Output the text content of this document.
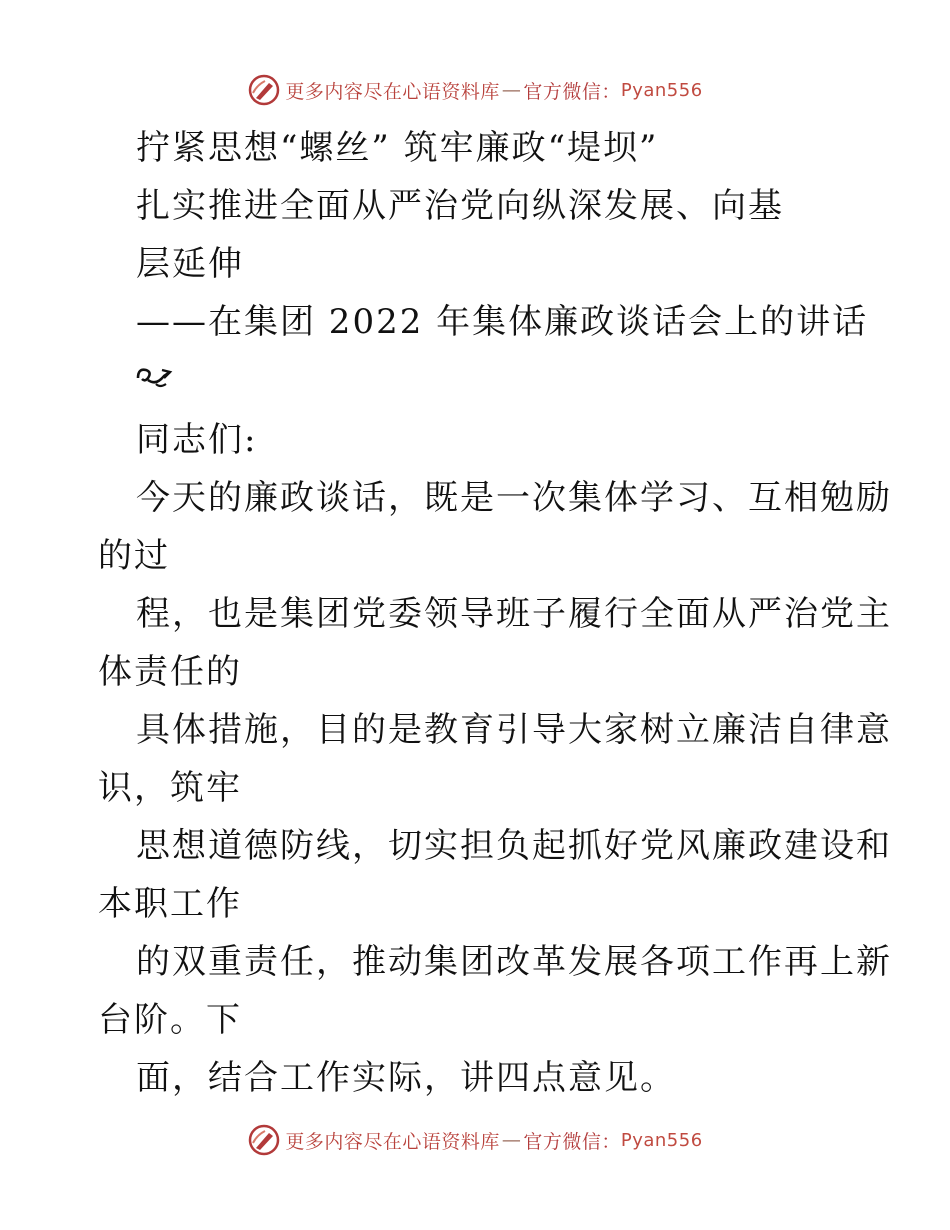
更多内容尽在心语资料库 — 官方微信： Pyan556
拧紧思想“螺丝” 筑牢廉政“堤坝”
扎实推进全面从严治党向纵深发展、向基
层延伸
——在集团 2022 年集体廉政谈话会上的讲话
同志们:
今天的廉政谈话，既是一次集体学习、互相勉励
的过
程，也是集团党委领导班子履行全面从严治党主
体责任的
具体措施，目的是教育引导大家树立廉洁自律意
识，筑牢
思想道德防线，切实担负起抓好党风廉政建设和
本职工作
的双重责任，推动集团改革发展各项工作再上新
台阶。下
面，结合工作实际，讲四点意见。
更多内容尽在心语资料库 — 官方微信： Pyan556
